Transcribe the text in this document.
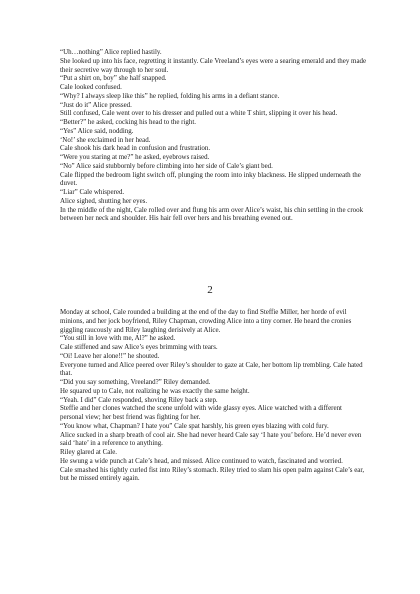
“Uh…nothing” Alice replied hastily.

She looked up into his face, regretting it instantly. Cale Vreeland’s eyes were a searing emerald and they made their secretive way through to her soul.

“Put a shirt on, boy” she half snapped.

Cale looked confused.

“Why? I always sleep like this” he replied, folding his arms in a defiant stance.

“Just do it” Alice pressed.

Still confused, Cale went over to his dresser and pulled out a white T shirt, slipping it over his head.

“Better?” he asked, cocking his head to the right.

“Yes” Alice said, nodding.

‘No!’ she exclaimed in her head.

Cale shook his dark head in confusion and frustration.

“Were you staring at me?” he asked, eyebrows raised.

“No” Alice said stubbornly before climbing into her side of Cale’s giant bed.

Cale flipped the bedroom light switch off, plunging the room into inky blackness. He slipped underneath the duvet.

“Liar” Cale whispered.

Alice sighed, shutting her eyes.

In the middle of the night, Cale rolled over and flung his arm over Alice’s waist, his chin settling in the crook between her neck and shoulder. His hair fell over hers and his breathing evened out.

2

Monday at school, Cale rounded a building at the end of the day to find Steffie Miller, her horde of evil minions, and her jock boyfriend, Riley Chapman, crowding Alice into a tiny corner. He heard the cronies giggling raucously and Riley laughing derisively at Alice.

“You still in love with me, Al?” he asked.

Cale stiffened and saw Alice’s eyes brimming with tears.

“Oi! Leave her alone!!” he shouted.

Everyone turned and Alice peered over Riley’s shoulder to gaze at Cale, her bottom lip trembling. Cale hated that.

“Did you say something, Vreeland?” Riley demanded.

He squared up to Cale, not realizing he was exactly the same height.

“Yeah. I did” Cale responded, shoving Riley back a step.

Steffie and her clones watched the scene unfold with wide glassy eyes. Alice watched with a different personal view; her best friend was fighting for her.

“You know what, Chapman? I hate you” Cale spat harshly, his green eyes blazing with cold fury.

Alice sucked in a sharp breath of cool air. She had never heard Cale say ‘I hate you’ before. He’d never even said ‘hate’ in a reference to anything.

Riley glared at Cale.

He swung a wide punch at Cale’s head, and missed. Alice continued to watch, fascinated and worried.

Cale smashed his tightly curled fist into Riley’s stomach. Riley tried to slam his open palm against Cale’s ear, but he missed entirely again.
